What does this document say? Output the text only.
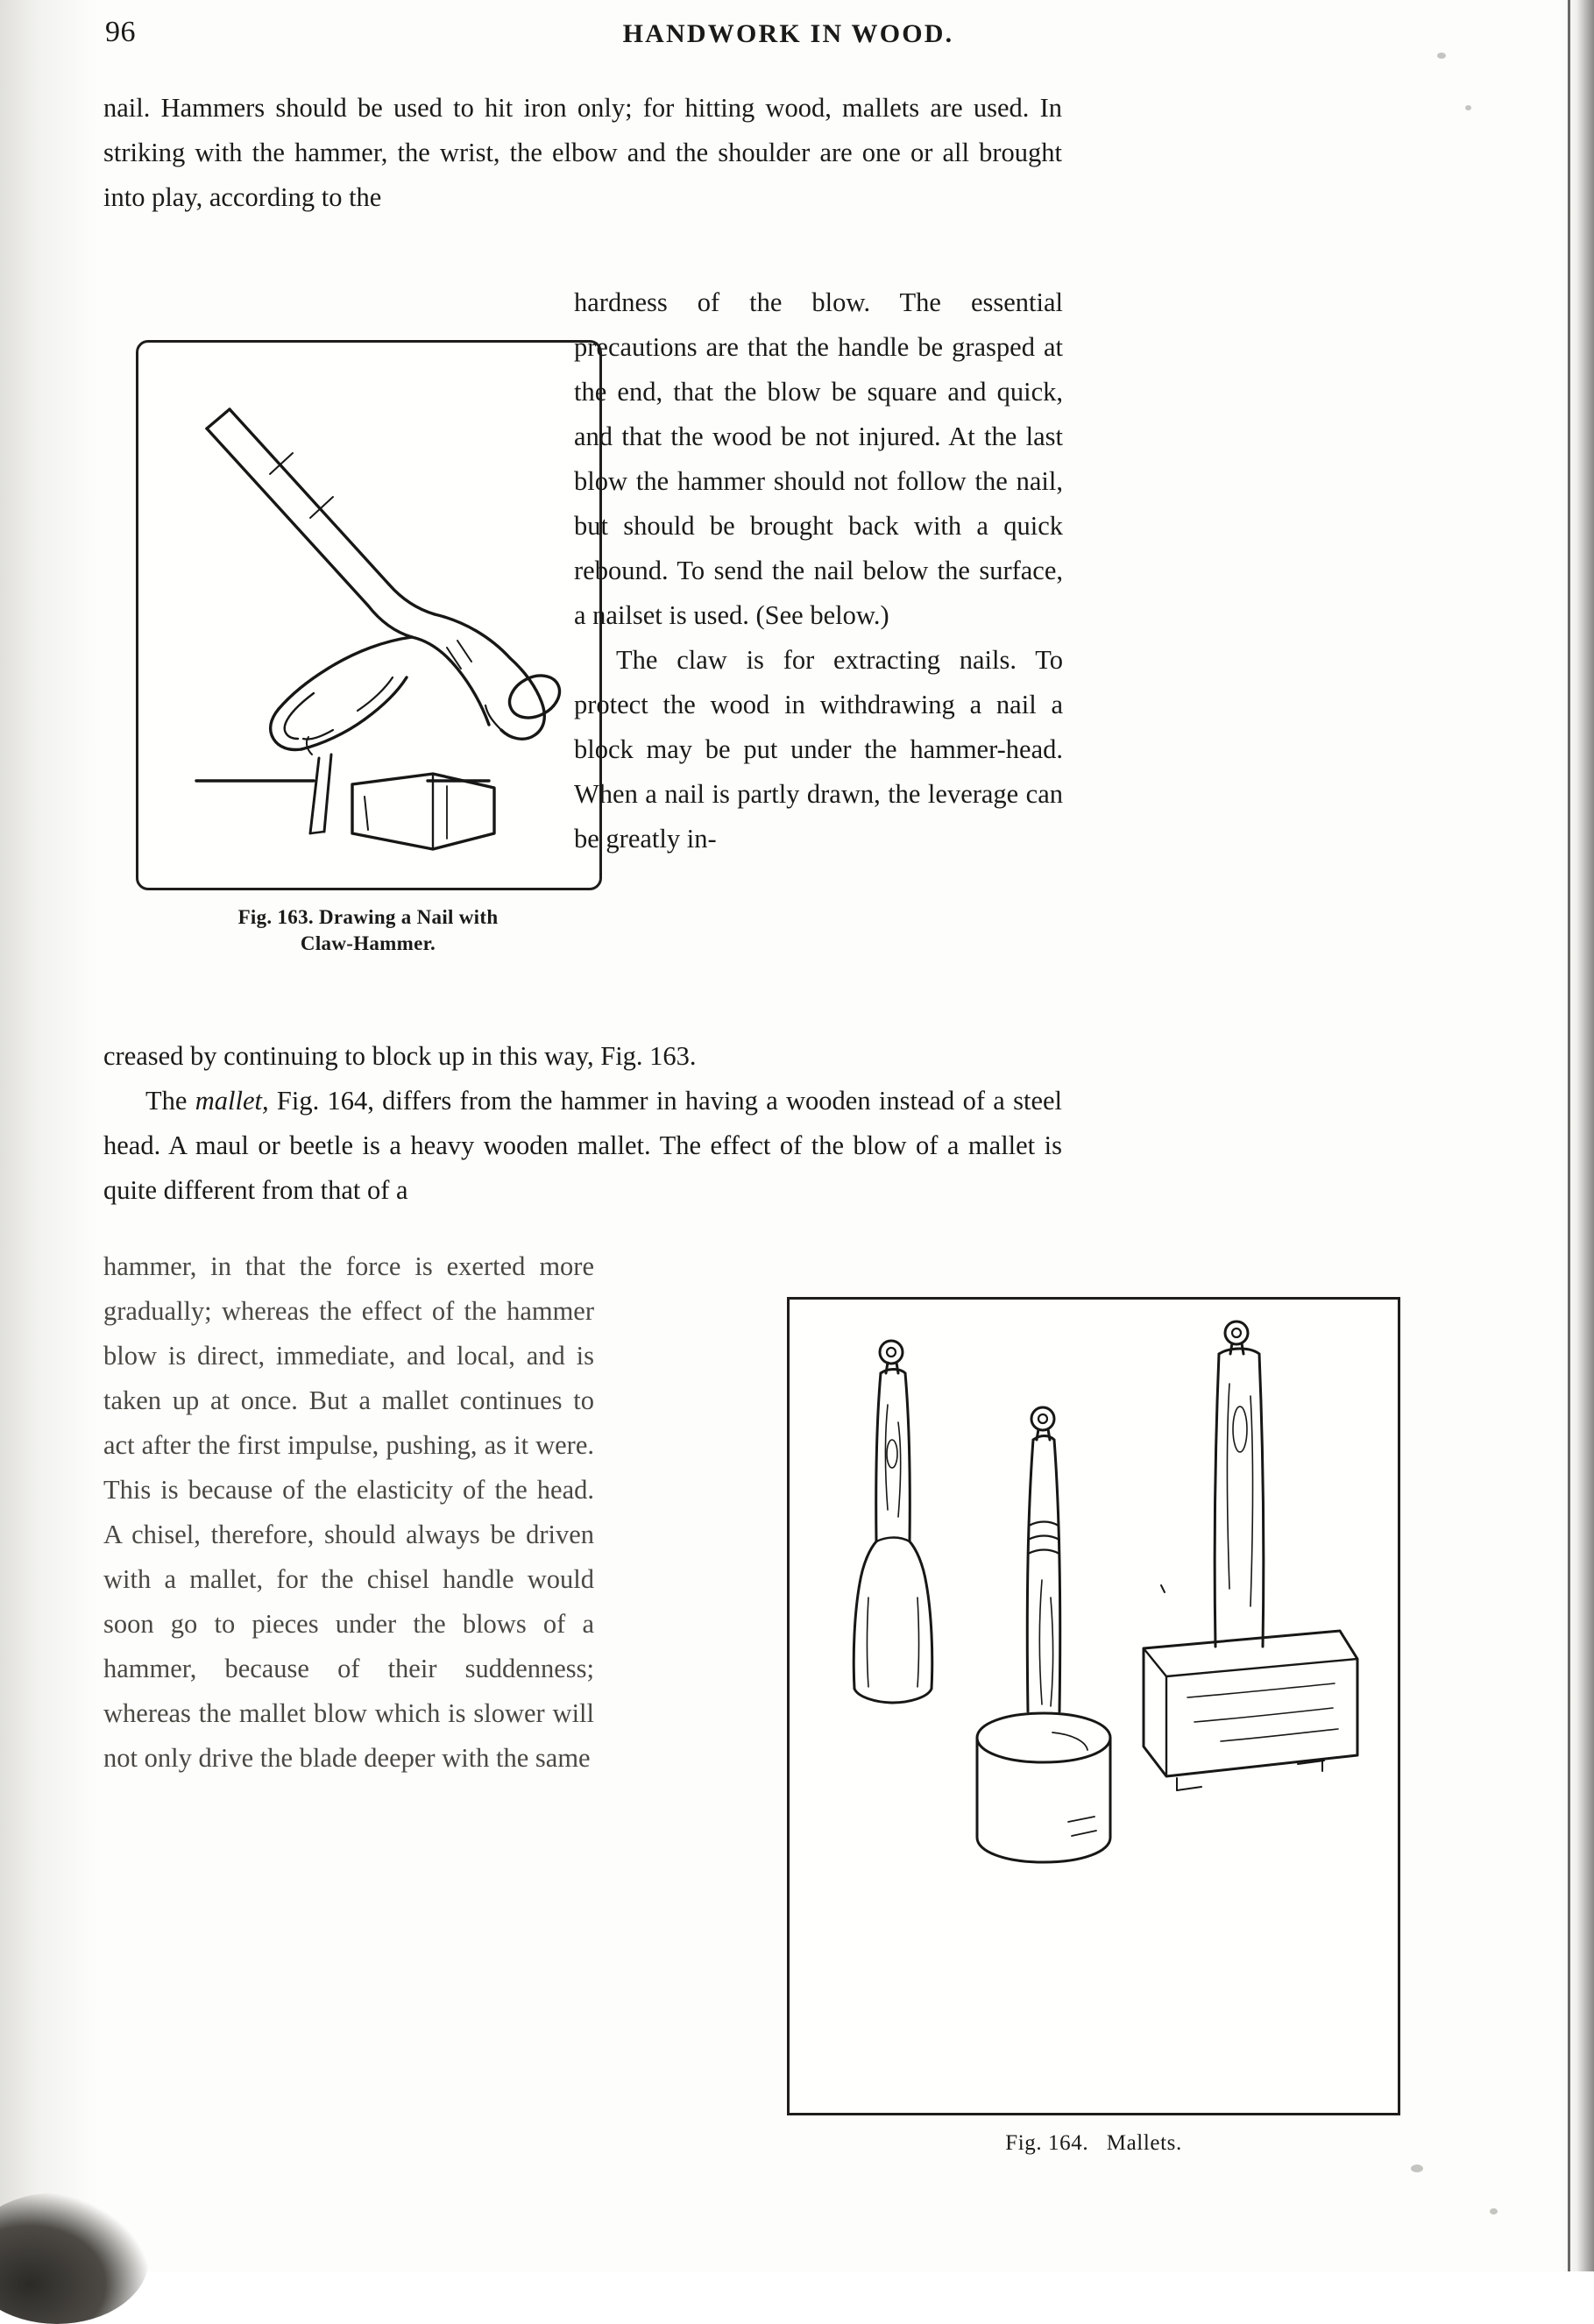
96	HANDWORK IN WOOD.

nail. Hammers should be used to hit iron only; for hitting wood, mallets are used. In striking with the hammer, the wrist, the elbow and the shoulder are one or all brought into play, according to the

Fig. 163. Drawing a Nail with
Claw-Hammer.

hardness of the blow. The essential precautions are that the handle be grasped at the end, that the blow be square and quick, and that the wood be not injured. At the last blow the hammer should not follow the nail, but should be brought back with a quick rebound. To send the nail below the surface, a nailset is used. (See below.)

The claw is for extracting nails. To protect the wood in withdrawing a nail a block may be put under the hammer-head. When a nail is partly drawn, the leverage can be greatly in-

creased by continuing to block up in this way, Fig. 163.

The mallet, Fig. 164, differs from the hammer in having a wooden instead of a steel head. A maul or beetle is a heavy wooden mallet. The effect of the blow of a mallet is quite different from that of a

hammer, in that the force is exerted more gradually; whereas the effect of the hammer blow is direct, immediate, and local, and is taken up at once. But a mallet continues to act after the first impulse, pushing, as it were. This is because of the elasticity of the head. A chisel, therefore, should always be driven with a mallet, for the chisel handle would soon go to pieces under the blows of a hammer, because of their suddenness; whereas the mallet blow which is slower will not only drive the blade deeper with the same

Fig. 164. Mallets.
